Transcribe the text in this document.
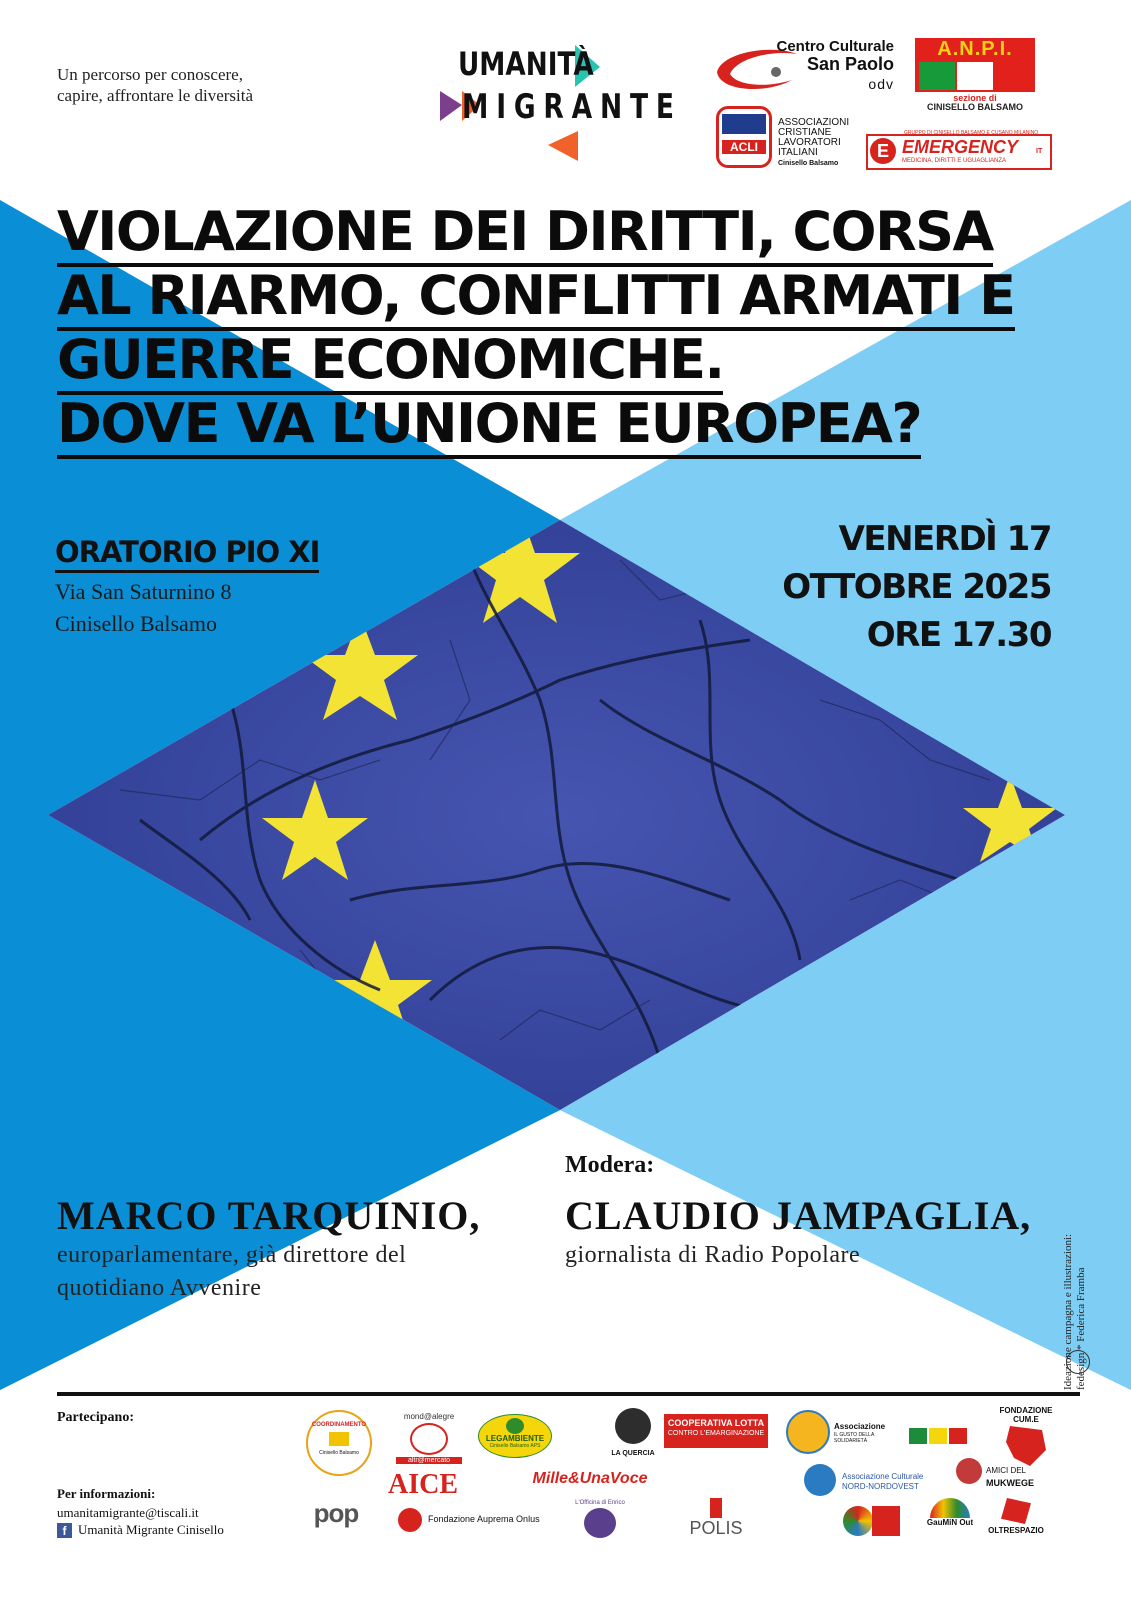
Un percorso per conoscere, capire, affrontare le diversità
UMANITÀ
MIGRANTE
Centro Culturale
San Paolo
odv
A.N.P.I.
sezione di
CINISELLO BALSAMO
ACLI
ASSOCIAZIONI
CRISTIANE
LAVORATORI
ITALIANI
Cinisello Balsamo
GRUPPO DI CINISELLO BALSAMO E CUSANO MILANINO
E EMERGENCY	IT
MEDICINA, DIRITTI E UGUAGLIANZA
VIOLAZIONE DEI DIRITTI, CORSA
AL RIARMO, CONFLITTI ARMATI E
GUERRE ECONOMICHE.
DOVE VA L’UNIONE EUROPEA?
ORATORIO PIO XI
Via San Saturnino 8
Cinisello Balsamo
VENERDÌ 17
OTTOBRE 2025
ORE 17.30
MARCO TARQUINIO,
europarlamentare, già direttore del
quotidiano Avvenire
Modera:
CLAUDIO JAMPAGLIA,
giornalista di Radio Popolare	Ideazione campagna e illustrazioni: fedesign * Federica Framba
Partecipano:
Per informazioni:
umanitamigrante@tiscali.it
f Umanità Migrante Cinisello
COORDINAMENTO
Cinisello Balsamo
mond@alegre
altr@mercato
LEGAMBIENTE
Cinisello Balsamo APS
LA QUERCIA
COOPERATIVA LOTTA
CONTRO L'EMARGINAZIONE
Associazione
IL GUSTO DELLA SOLIDARIETÀ
FONDAZIONE CUM.E
AICE	Mille&UnaVoce	Associazione Culturale
NORD-NORDOVEST
AMICI DEL
MUKWEGE
pop	Fondazione Auprema Onlus
L'Officina di Enrico
POLIS	GauMiN Out
OLTRESPAZIO
